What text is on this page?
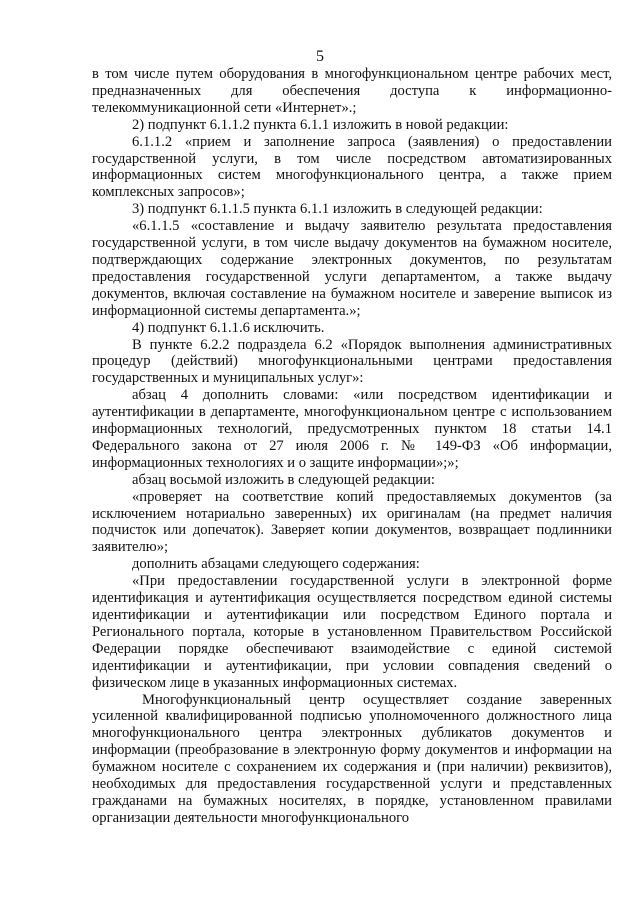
5

в том числе путем оборудования в многофункциональном центре рабочих мест, предназначенных для обеспечения доступа к информационно-телекоммуникационной сети «Интернет».;

2) подпункт 6.1.1.2 пункта 6.1.1 изложить в новой редакции:

6.1.1.2 «прием и заполнение запроса (заявления) о предоставлении государственной услуги, в том числе посредством автоматизированных информационных систем многофункционального центра, а также прием комплексных запросов»;

3) подпункт 6.1.1.5 пункта 6.1.1 изложить в следующей редакции:

«6.1.1.5 «составление и выдачу заявителю результата предоставления государственной услуги, в том числе выдачу документов на бумажном носителе, подтверждающих содержание электронных документов, по результатам предоставления государственной услуги департаментом, а также выдачу документов, включая составление на бумажном носителе и заверение выписок из информационной системы департамента.»;

4) подпункт 6.1.1.6 исключить.

В пункте 6.2.2 подраздела 6.2 «Порядок выполнения административных процедур (действий) многофункциональными центрами предоставления государственных и муниципальных услуг»:

абзац 4 дополнить словами: «или посредством идентификации и аутентификации в департаменте, многофункциональном центре с использованием информационных технологий, предусмотренных пунктом 18 статьи 14.1 Федерального закона от 27 июля 2006 г. № 149-ФЗ «Об информации, информационных технологиях и о защите информации»;»;

абзац восьмой изложить в следующей редакции:

«проверяет на соответствие копий предоставляемых документов (за исключением нотариально заверенных) их оригиналам (на предмет наличия подчисток или допечаток). Заверяет копии документов, возвращает подлинники заявителю»;

дополнить абзацами следующего содержания:

«При предоставлении государственной услуги в электронной форме идентификация и аутентификация осуществляется посредством единой системы идентификации и аутентификации или посредством Единого портала и Регионального портала, которые в установленном Правительством Российской Федерации порядке обеспечивают взаимодействие с единой системой идентификации и аутентификации, при условии совпадения сведений о физическом лице в указанных информационных системах.

Многофункциональный центр осуществляет создание заверенных усиленной квалифицированной подписью уполномоченного должностного лица многофункционального центра электронных дубликатов документов и информации (преобразование в электронную форму документов и информации на бумажном носителе с сохранением их содержания и (при наличии) реквизитов), необходимых для предоставления государственной услуги и представленных гражданами на бумажных носителях, в порядке, установленном правилами организации деятельности многофункционального
